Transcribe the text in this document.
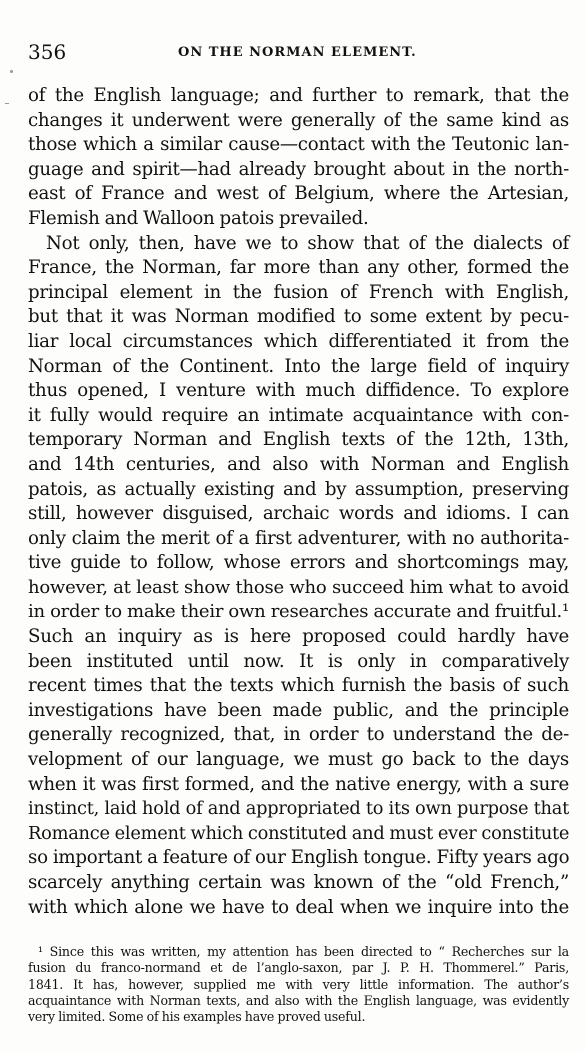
356	ON THE NORMAN ELEMENT.
of the English language; and further to remark, that the
changes it underwent were generally of the same kind as
those which a similar cause—contact with the Teutonic lan-
guage and spirit—had already brought about in the north-
east of France and west of Belgium, where the Artesian,
Flemish and Walloon patois prevailed.
Not only, then, have we to show that of the dialects of
France, the Norman, far more than any other, formed the
principal element in the fusion of French with English,
but that it was Norman modified to some extent by pecu-
liar local circumstances which differentiated it from the
Norman of the Continent. Into the large field of inquiry
thus opened, I venture with much diffidence. To explore
it fully would require an intimate acquaintance with con-
temporary Norman and English texts of the 12th, 13th,
and 14th centuries, and also with Norman and English
patois, as actually existing and by assumption, preserving
still, however disguised, archaic words and idioms. I can
only claim the merit of a first adventurer, with no authorita-
tive guide to follow, whose errors and shortcomings may,
however, at least show those who succeed him what to avoid
in order to make their own researches accurate and fruitful.¹
Such an inquiry as is here proposed could hardly have
been instituted until now. It is only in comparatively
recent times that the texts which furnish the basis of such
investigations have been made public, and the principle
generally recognized, that, in order to understand the de-
velopment of our language, we must go back to the days
when it was first formed, and the native energy, with a sure
instinct, laid hold of and appropriated to its own purpose that
Romance element which constituted and must ever constitute
so important a feature of our English tongue. Fifty years ago
scarcely anything certain was known of the “old French,”
with which alone we have to deal when we inquire into the
¹ Since this was written, my attention has been directed to “ Recherches sur la
fusion du franco-normand et de l’anglo-saxon, par J. P. H. Thommerel.” Paris,
1841. It has, however, supplied me with very little information. The author’s
acquaintance with Norman texts, and also with the English language, was evidently
very limited. Some of his examples have proved useful.
